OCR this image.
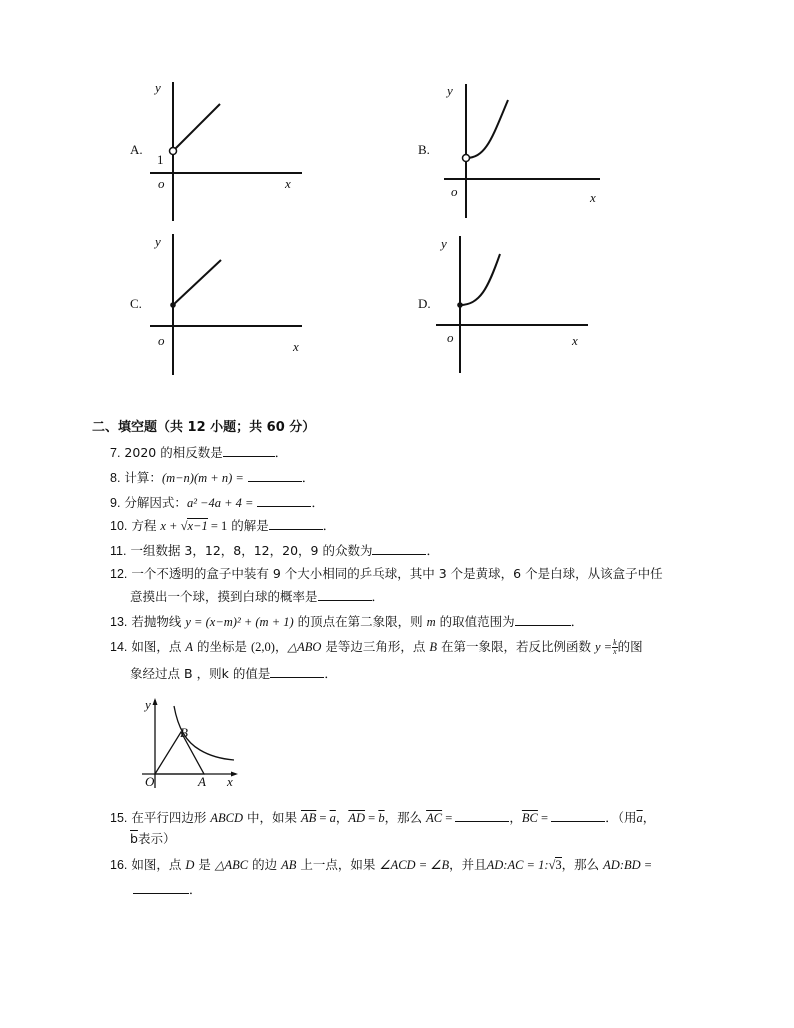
A.
y
x
o
1
B.
y
x
o
C.
y
x
o
D.
y
x
o
二、填空题（共 12 小题；共 60 分）
7. 2020 的相反数是	．
8. 计算：(m−n)(m + n) =	．
9. 分解因式：a² −4a + 4 =	．
10. 方程 x + √x−1 = 1 的解是	．
11. 一组数据 3，12，8，12，20，9 的众数为	．
12. 一个不透明的盒子中装有 9 个大小相同的乒乓球，其中 3 个是黄球，6 个是白球，从该盒子中任
意摸出一个球，摸到白球的概率是	．
13. 若抛物线 y = (x−m)² + (m + 1) 的顶点在第二象限，则 m 的取值范围为	．
14. 如图，点 A 的坐标是 (2,0)，△ABO 是等边三角形，点 B 在第一象限，若反比例函数 $y = \frac{k}{x}$ 的图
象经过点 B ，则k 的值是	．
y
x
O	A
B
15. 在平行四边形 ABCD 中，如果 $\overline{AB} = \overline{a}$，$\overline{AD} = \overline{b}$，那么 $\overline{AC}$ =	，$\overline{BC}$ =	．（用$\overline{a}$，
$\overline{b}$表示）
16. 如图，点 D 是 △ABC 的边 AB 上一点，如果 ∠ACD = ∠B，并且AD:AC = 1:√3，那么 AD:BD =
．
